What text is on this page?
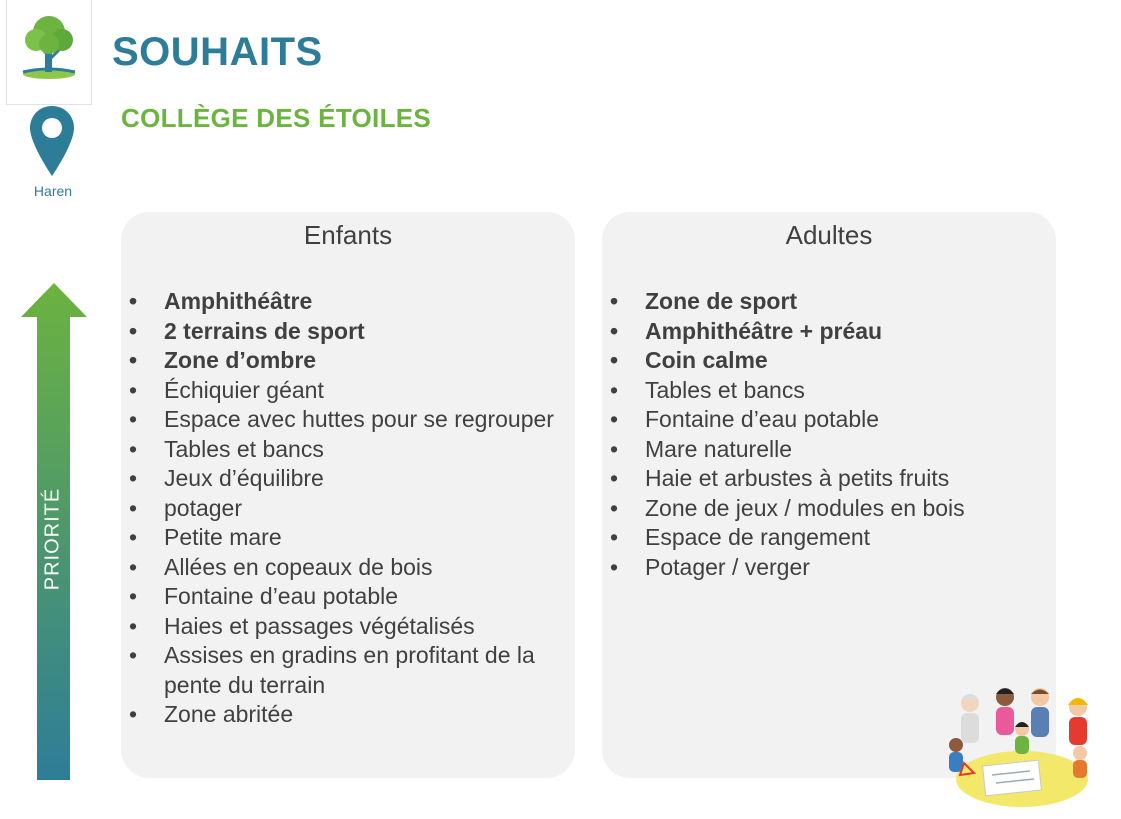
Haren
SOUHAITS
COLLÈGE DES ÉTOILES
PRIORITÉ
Enfants
• Amphithéâtre
• 2 terrains de sport
• Zone d’ombre
• Échiquier géant
• Espace avec huttes pour se regrouper
• Tables et bancs
• Jeux d’équilibre
• potager
• Petite mare
• Allées en copeaux de bois
• Fontaine d’eau potable
• Haies et passages végétalisés
• Assises en gradins en profitant de la pente du terrain
• Zone abritée
Adultes
• Zone de sport
• Amphithéâtre + préau
• Coin calme
• Tables et bancs
• Fontaine d’eau potable
• Mare naturelle
• Haie et arbustes à petits fruits
• Zone de jeux / modules en bois
• Espace de rangement
• Potager / verger
